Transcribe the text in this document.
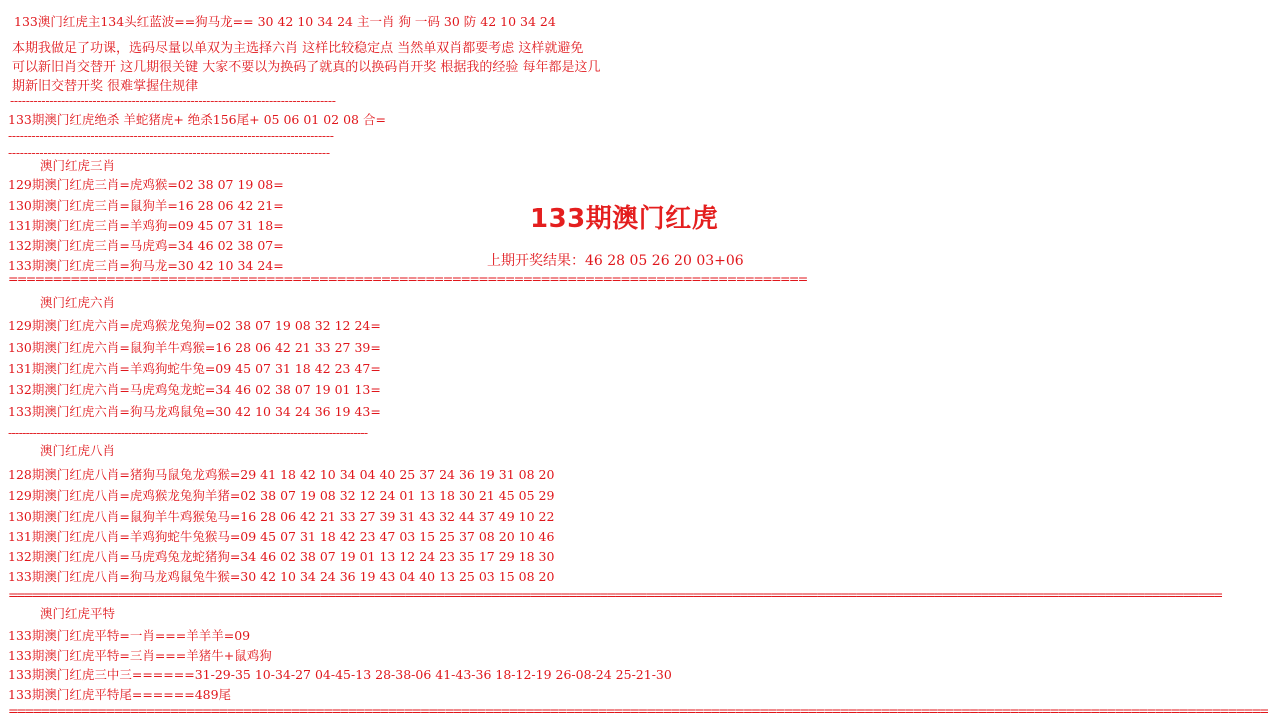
133澳门红虎主134头红蓝波==狗马龙== 30 42 10 34 24 主一肖 狗 一码 30 防 42 10 34 24
本期我做足了功课，选码尽量以单双为主选择六肖 这样比较稳定点 当然单双肖都要考虑 这样就避免
可以新旧肖交替开 这几期很关键 大家不要以为换码了就真的以换码肖开奖 根据我的经验 每年都是这几
期新旧交替开奖 很难掌握住规律
-----------------------------------------------------------------------------------
133期澳门红虎绝杀 羊蛇猪虎+ 绝杀156尾+ 05 06 01 02 08 合=
-----------------------------------------------------------------------------------
----------------------------------------------------------------------------------
澳门红虎三肖
129期澳门红虎三肖=虎鸡猴=02 38 07 19 08=
130期澳门红虎三肖=鼠狗羊=16 28 06 42 21=
131期澳门红虎三肖=羊鸡狗=09 45 07 31 18=
132期澳门红虎三肖=马虎鸡=34 46 02 38 07=
133期澳门红虎三肖=狗马龙=30 42 10 34 24=
==========================================================================================
133期澳门红虎
上期开奖结果：46 28 05 26 20 03+06
澳门红虎六肖
129期澳门红虎六肖=虎鸡猴龙兔狗=02 38 07 19 08 32 12 24=
130期澳门红虎六肖=鼠狗羊牛鸡猴=16 28 06 42 21 33 27 39=
131期澳门红虎六肖=羊鸡狗蛇牛兔=09 45 07 31 18 42 23 47=
132期澳门红虎六肖=马虎鸡兔龙蛇=34 46 02 38 07 19 01 13=
133期澳门红虎六肖=狗马龙鸡鼠兔=30 42 10 34 24 36 19 43=
------------------------------------------------------------------------------------------------------
澳门红虎八肖
128期澳门红虎八肖=猪狗马鼠兔龙鸡猴=29 41 18 42 10 34 04 40 25 37 24 36 19 31 08 20
129期澳门红虎八肖=虎鸡猴龙兔狗羊猪=02 38 07 19 08 32 12 24 01 13 18 30 21 45 05 29
130期澳门红虎八肖=鼠狗羊牛鸡猴兔马=16 28 06 42 21 33 27 39 31 43 32 44 37 49 10 22
131期澳门红虎八肖=羊鸡狗蛇牛兔猴马=09 45 07 31 18 42 23 47 03 15 25 37 08 20 10 46
132期澳门红虎八肖=马虎鸡兔龙蛇猪狗=34 46 02 38 07 19 01 13 12 24 23 35 17 29 18 30
133期澳门红虎八肖=狗马龙鸡鼠兔牛猴=30 42 10 34 24 36 19 43 04 40 13 25 03 15 08 20
============================================================================================================================================================
澳门红虎平特
133期澳门红虎平特=一肖===羊羊羊=09
133期澳门红虎平特=三肖===羊猪牛+鼠鸡狗
133期澳门红虎三中三======31-29-35 10-34-27 04-45-13 28-38-06 41-43-36 18-12-19 26-08-24 25-21-30
133期澳门红虎平特尾======489尾
============================================================================================================================================================
